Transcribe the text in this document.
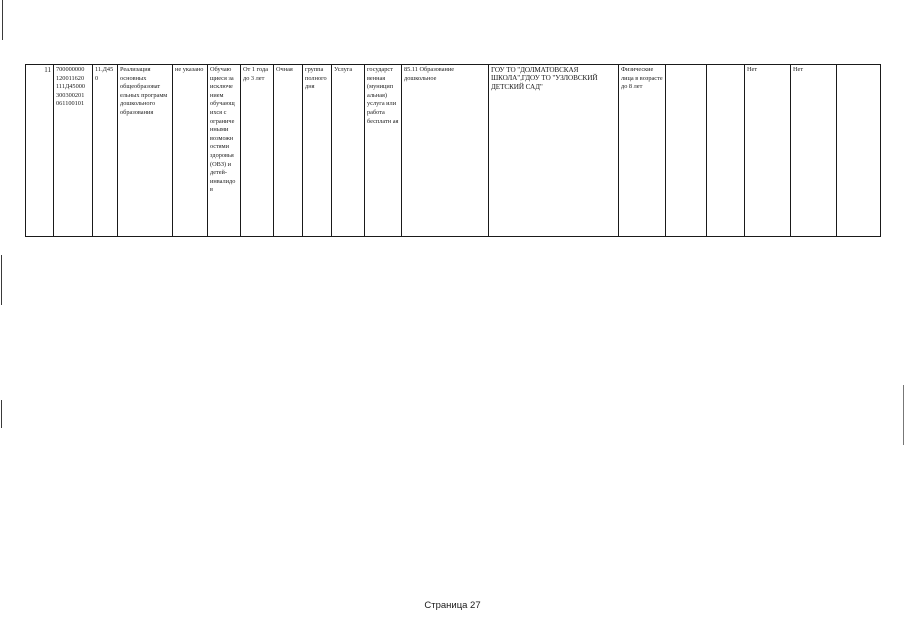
11	700000000 120011620 111Д45000 300300201 061100101	11.Д45 0	Реализация основных общеобразоват ельных программ дошкольного образования	не указано	Обучаю щиеся за исключе нием обучающ ихся с ограниче нными возможн остями здоровья (ОВЗ) и детей-инвалидо в	От 1 года до 3 лет	Очная	группа полного дня	Услуга	государст венная (муницип альная) услуга или работа бесплатн ая	85.11 Образование дошкольное	ГОУ ТО "ДОЛМАТОВСКАЯ ШКОЛА",ГДОУ ТО "УЗЛОВСКИЙ ДЕТСКИЙ САД"	Физические лица в возрасте до 8 лет			Нет	Нет	
Страница 27
